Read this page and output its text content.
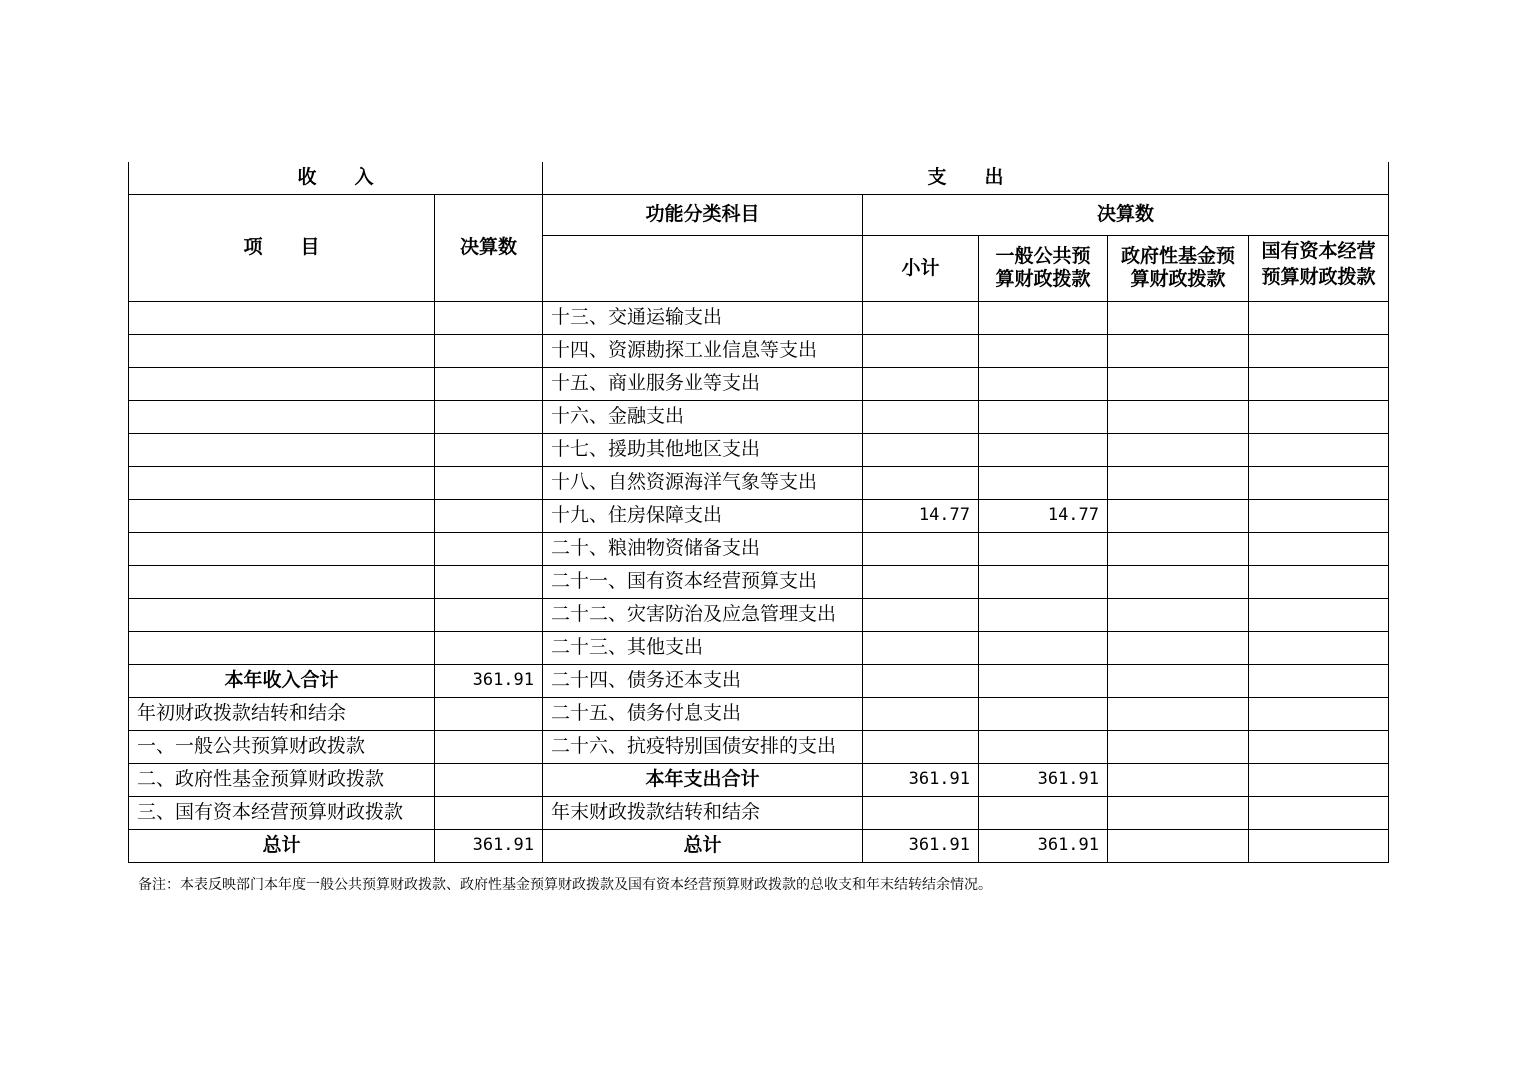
收　　入		支　　出				
项　　目	决算数	功能分类科目	决算数			
			小计	一般公共预算财政拨款	政府性基金预算财政拨款	国有资本经营预算财政拨款

		十三、交通运输支出				
		十四、资源勘探工业信息等支出				
		十五、商业服务业等支出				
		十六、金融支出				
		十七、援助其他地区支出				
		十八、自然资源海洋气象等支出				
		十九、住房保障支出	14.77	14.77		
		二十、粮油物资储备支出				
		二十一、国有资本经营预算支出				
		二十二、灾害防治及应急管理支出				
		二十三、其他支出				
本年收入合计	361.91	二十四、债务还本支出				
年初财政拨款结转和结余		二十五、债务付息支出				
一、一般公共预算财政拨款		二十六、抗疫特别国债安排的支出				
二、政府性基金预算财政拨款		本年支出合计	361.91	361.91		
三、国有资本经营预算财政拨款		年末财政拨款结转和结余				
总计	361.91	总计	361.91	361.91		
备注：本表反映部门本年度一般公共预算财政拨款、政府性基金预算财政拨款及国有资本经营预算财政拨款的总收支和年末结转结余情况。
